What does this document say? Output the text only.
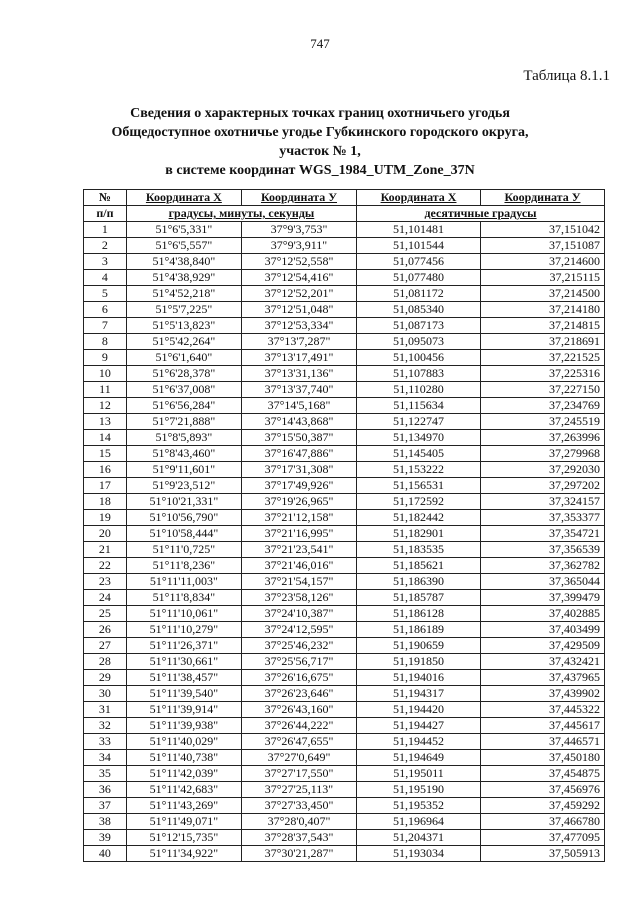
747
Таблица 8.1.1
Сведения о характерных точках границ охотничьего угодья
Общедоступное охотничье угодье Губкинского городского округа,
участок № 1,
в системе координат WGS_1984_UTM_Zone_37N
№	Координата X	Координата У	Координата X	Координата У
п/п	градусы, минуты, секунды		десятичные градусы	
1	51°6'5,331"	37°9'3,753"	51,101481	37,151042
2	51°6'5,557"	37°9'3,911"	51,101544	37,151087
3	51°4'38,840"	37°12'52,558"	51,077456	37,214600
4	51°4'38,929"	37°12'54,416"	51,077480	37,215115
5	51°4'52,218"	37°12'52,201"	51,081172	37,214500
6	51°5'7,225"	37°12'51,048"	51,085340	37,214180
7	51°5'13,823"	37°12'53,334"	51,087173	37,214815
8	51°5'42,264"	37°13'7,287"	51,095073	37,218691
9	51°6'1,640"	37°13'17,491"	51,100456	37,221525
10	51°6'28,378"	37°13'31,136"	51,107883	37,225316
11	51°6'37,008"	37°13'37,740"	51,110280	37,227150
12	51°6'56,284"	37°14'5,168"	51,115634	37,234769
13	51°7'21,888"	37°14'43,868"	51,122747	37,245519
14	51°8'5,893"	37°15'50,387"	51,134970	37,263996
15	51°8'43,460"	37°16'47,886"	51,145405	37,279968
16	51°9'11,601"	37°17'31,308"	51,153222	37,292030
17	51°9'23,512"	37°17'49,926"	51,156531	37,297202
18	51°10'21,331"	37°19'26,965"	51,172592	37,324157
19	51°10'56,790"	37°21'12,158"	51,182442	37,353377
20	51°10'58,444"	37°21'16,995"	51,182901	37,354721
21	51°11'0,725"	37°21'23,541"	51,183535	37,356539
22	51°11'8,236"	37°21'46,016"	51,185621	37,362782
23	51°11'11,003"	37°21'54,157"	51,186390	37,365044
24	51°11'8,834"	37°23'58,126"	51,185787	37,399479
25	51°11'10,061"	37°24'10,387"	51,186128	37,402885
26	51°11'10,279"	37°24'12,595"	51,186189	37,403499
27	51°11'26,371"	37°25'46,232"	51,190659	37,429509
28	51°11'30,661"	37°25'56,717"	51,191850	37,432421
29	51°11'38,457"	37°26'16,675"	51,194016	37,437965
30	51°11'39,540"	37°26'23,646"	51,194317	37,439902
31	51°11'39,914"	37°26'43,160"	51,194420	37,445322
32	51°11'39,938"	37°26'44,222"	51,194427	37,445617
33	51°11'40,029"	37°26'47,655"	51,194452	37,446571
34	51°11'40,738"	37°27'0,649"	51,194649	37,450180
35	51°11'42,039"	37°27'17,550"	51,195011	37,454875
36	51°11'42,683"	37°27'25,113"	51,195190	37,456976
37	51°11'43,269"	37°27'33,450"	51,195352	37,459292
38	51°11'49,071"	37°28'0,407"	51,196964	37,466780
39	51°12'15,735"	37°28'37,543"	51,204371	37,477095
40	51°11'34,922"	37°30'21,287"	51,193034	37,505913
